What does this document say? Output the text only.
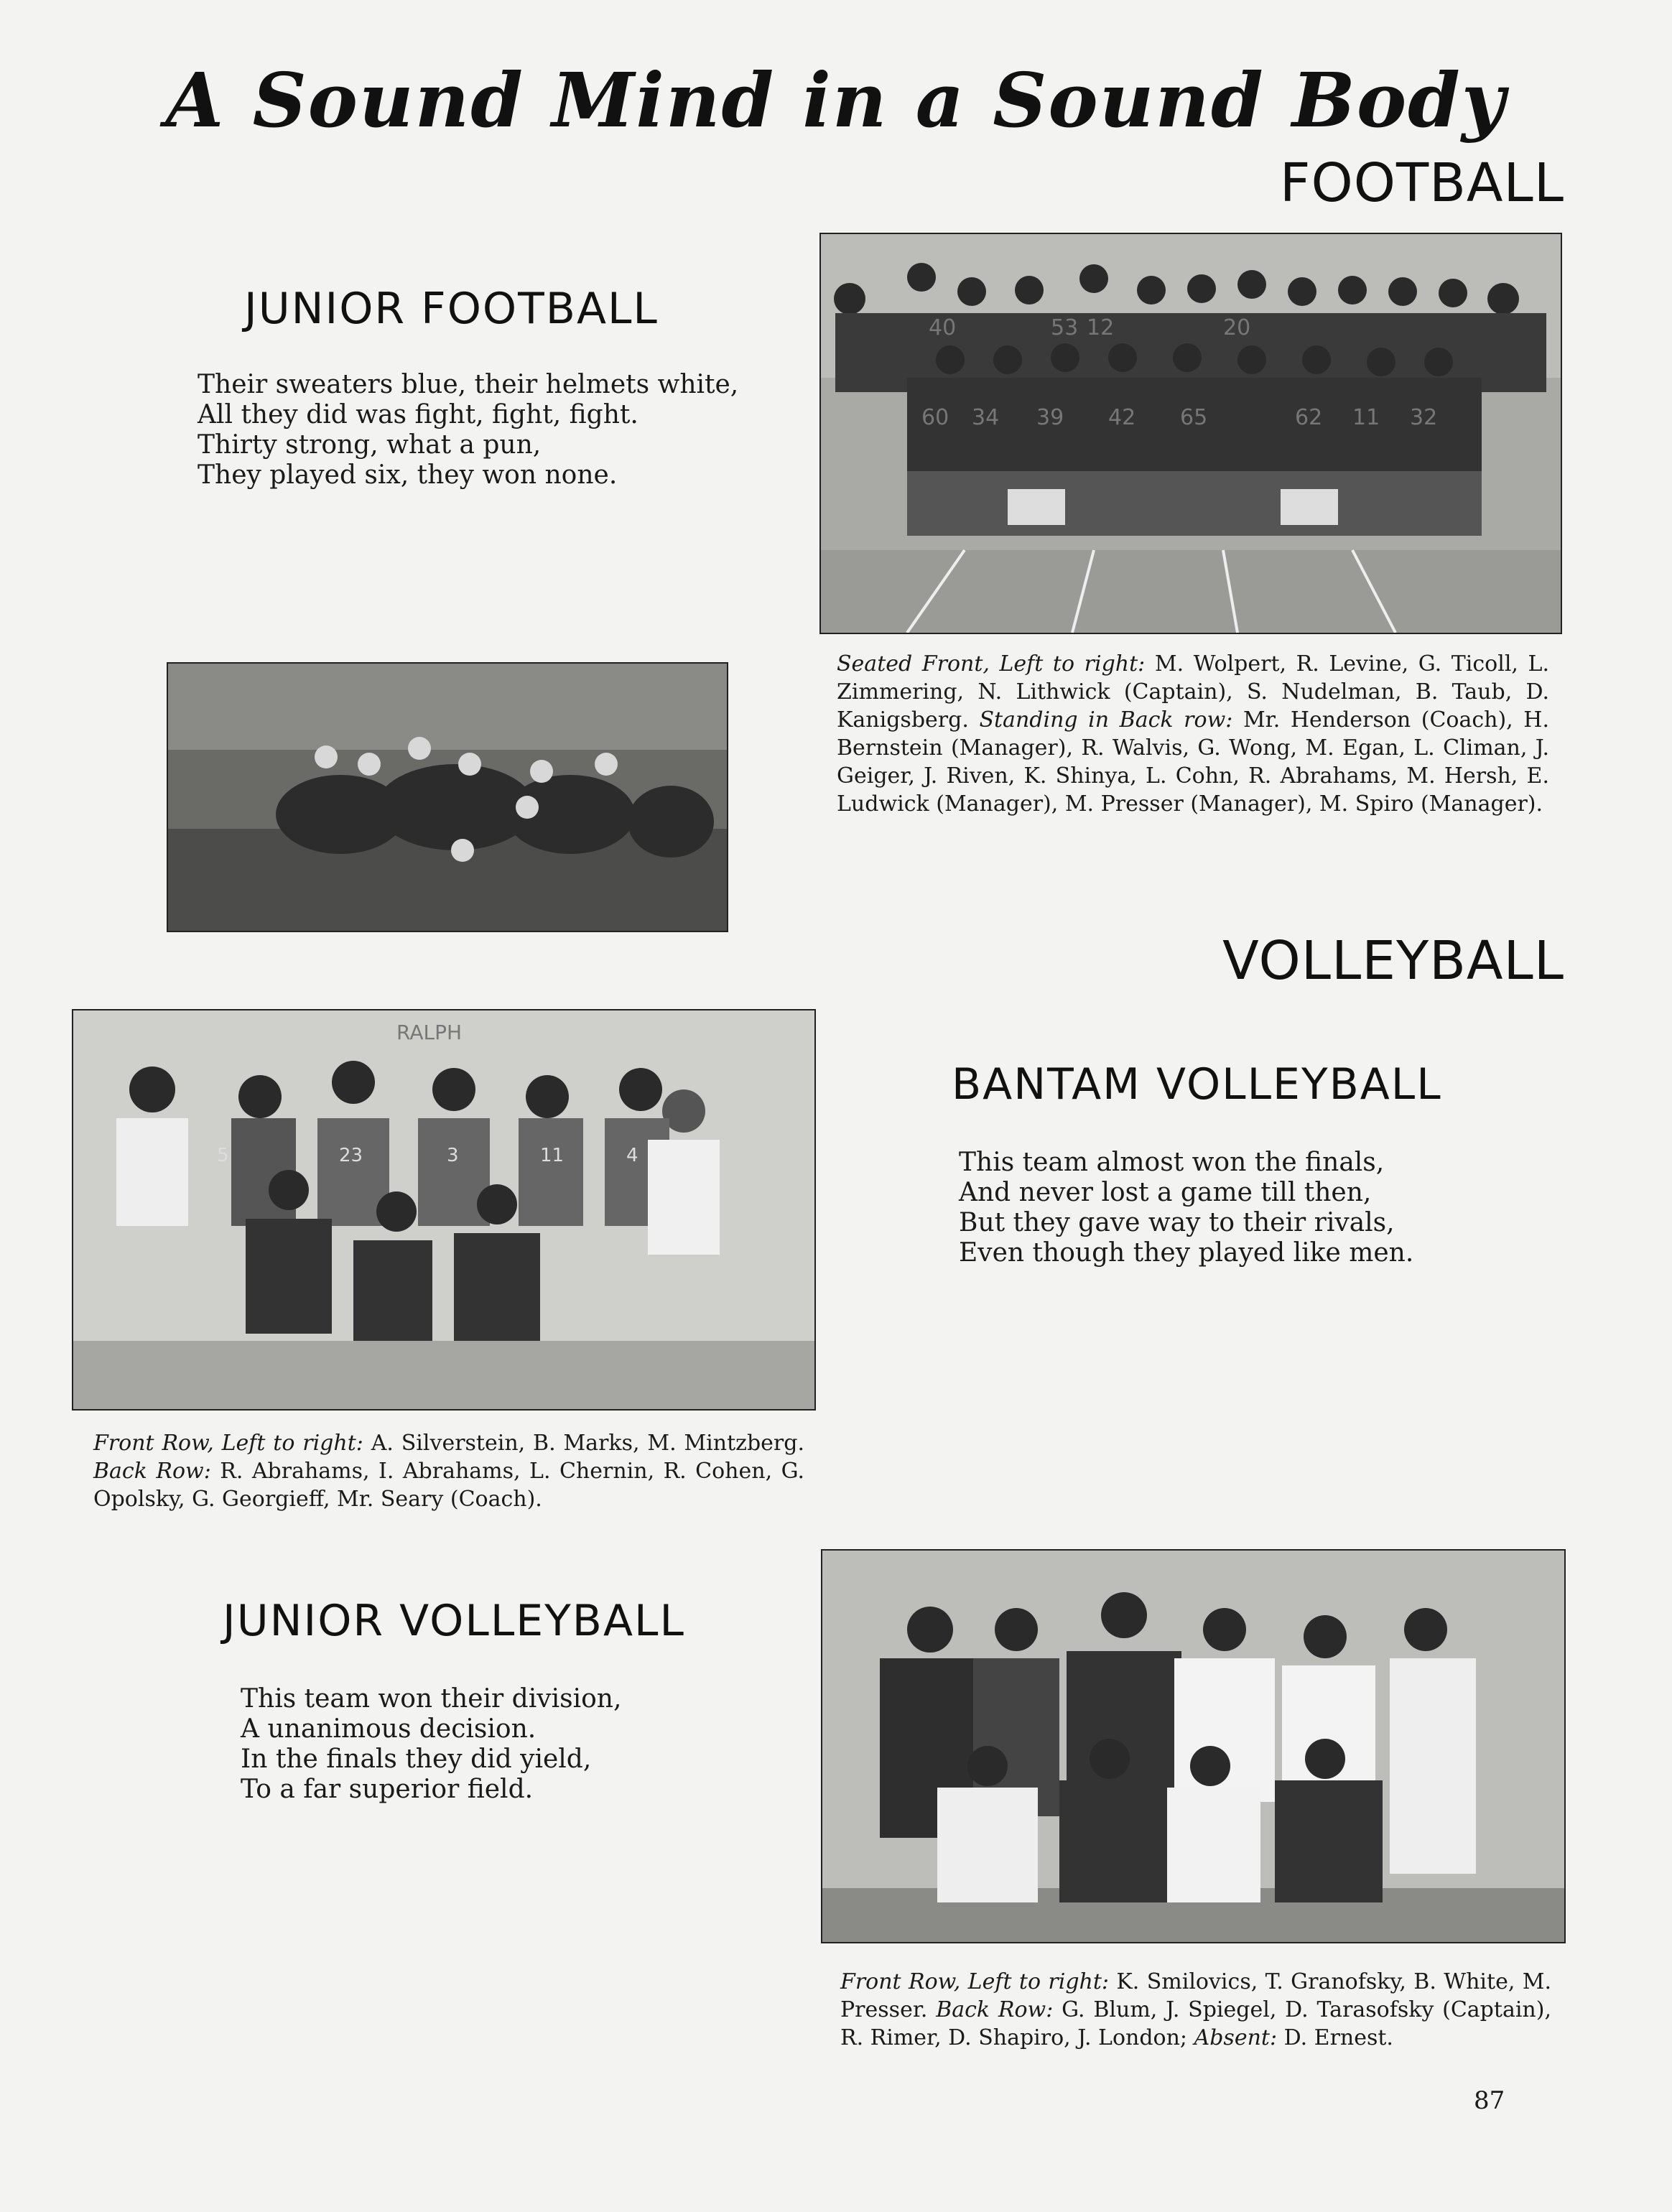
A Sound Mind in a Sound Body
FOOTBALL
JUNIOR FOOTBALL
Their sweaters blue, their helmets white,
All they did was fight, fight, fight.
Thirty strong, what a pun,
They played six, they won none.
40	53 12	20
60 34 39 42 65	62 11 32
Seated Front, Left to right: M. Wolpert, R. Levine, G. Ticoll, L. Zimmering, N. Lithwick (Captain), S. Nudelman, B. Taub, D. Kanigsberg. Standing in Back row: Mr. Henderson (Coach), H. Bernstein (Manager), R. Walvis, G. Wong, M. Egan, L. Climan, J. Geiger, J. Riven, K. Shinya, L. Cohn, R. Abrahams, M. Hersh, E. Ludwick (Manager), M. Presser (Manager), M. Spiro (Manager).
VOLLEYBALL
RALPH
5	23	3	11	4
BANTAM VOLLEYBALL
This team almost won the finals,
And never lost a game till then,
But they gave way to their rivals,
Even though they played like men.
Front Row, Left to right: A. Silverstein, B. Marks, M. Mintzberg. Back Row: R. Abrahams, I. Abrahams, L. Chernin, R. Cohen, G. Opolsky, G. Georgieff, Mr. Seary (Coach).
JUNIOR VOLLEYBALL
This team won their division,
A unanimous decision.
In the finals they did yield,
To a far superior field.
Front Row, Left to right: K. Smilovics, T. Granofsky, B. White, M. Presser. Back Row: G. Blum, J. Spiegel, D. Tarasofsky (Captain), R. Rimer, D. Shapiro, J. London; Absent: D. Ernest.
87
